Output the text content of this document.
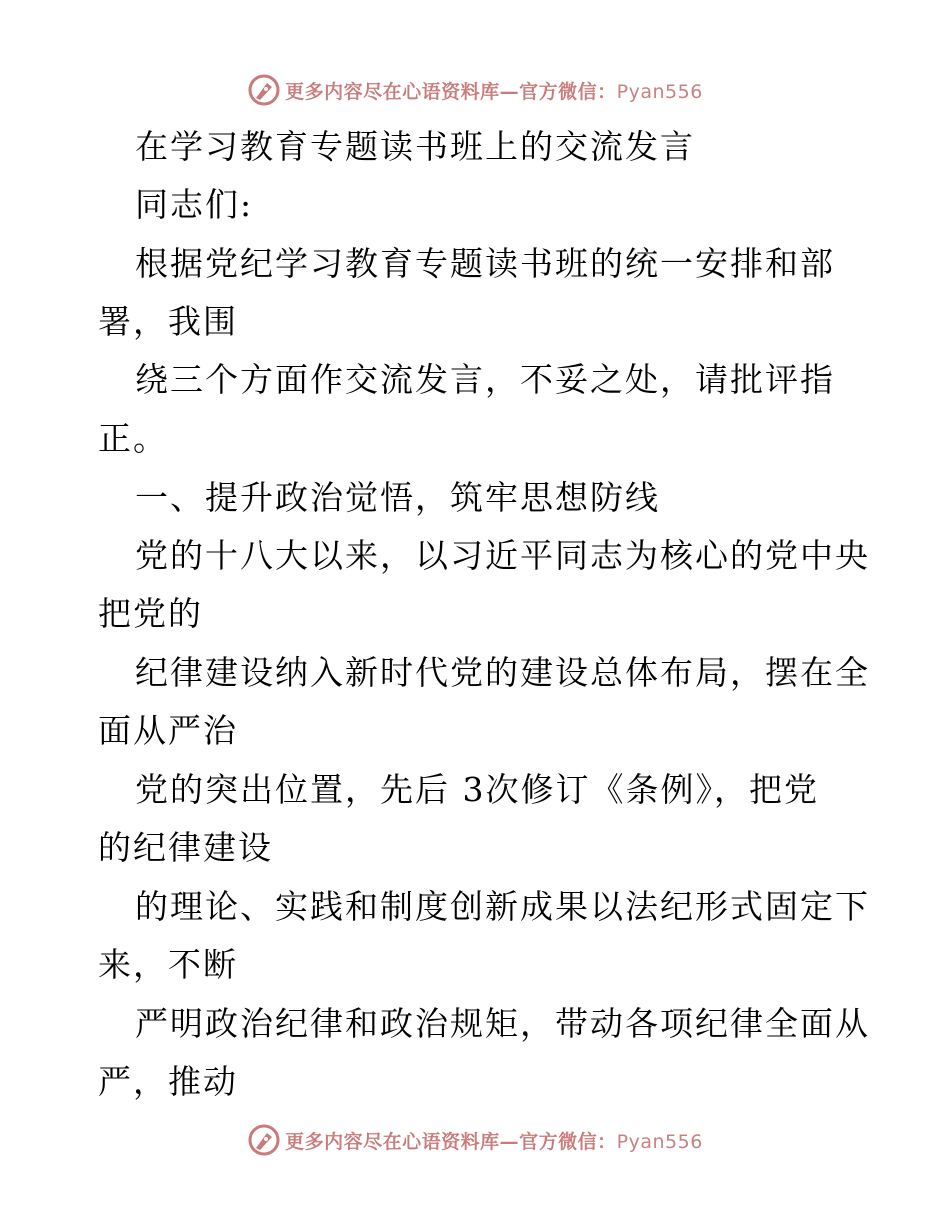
更多内容尽在心语资料库—官方微信：Pyan556
在学习教育专题读书班上的交流发言
同志们:
根据党纪学习教育专题读书班的统一安排和部
署，我围
绕三个方面作交流发言，不妥之处，请批评指
正。
一、提升政治觉悟，筑牢思想防线
党的十八大以来，以习近平同志为核心的党中央
把党的
纪律建设纳入新时代党的建设总体布局，摆在全
面从严治
党的突出位置，先后 3次修订《条例》，把党
的纪律建设
的理论、实践和制度创新成果以法纪形式固定下
来，不断
严明政治纪律和政治规矩，带动各项纪律全面从
严，推动
更多内容尽在心语资料库—官方微信：Pyan556
